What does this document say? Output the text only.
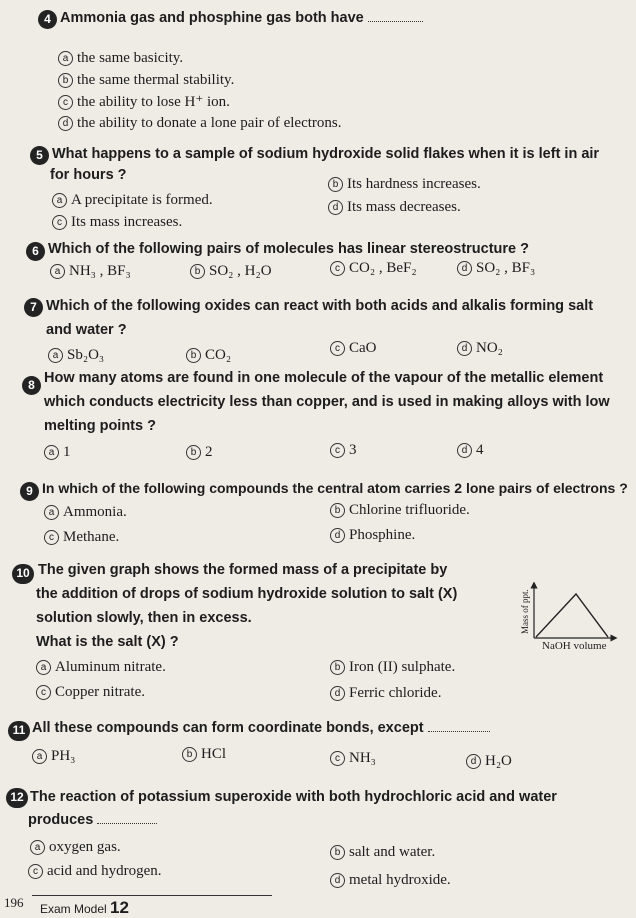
4 Ammonia gas and phosphine gas both have
a the same basicity.
b the same thermal stability.
c the ability to lose H⁺ ion.
d the ability to donate a lone pair of electrons.
5 What happens to a sample of sodium hydroxide solid flakes when it is left in air
for hours ?
a A precipitate is formed.
b Its hardness increases.
c Its mass increases.
d Its mass decreases.
6 Which of the following pairs of molecules has linear stereostructure ?
a NH₃ , BF₃	b SO₂ , H₂O	c CO₂ , BeF₂	d SO₂ , BF₃
7 Which of the following oxides can react with both acids and alkalis forming salt
and water ?
a Sb₂O₃	b CO₂	c CaO	d NO₂
8 How many atoms are found in one molecule of the vapour of the metallic element
which conducts electricity less than copper, and is used in making alloys with low
melting points ?
a 1	b 2	c 3	d 4
9 In which of the following compounds the central atom carries 2 lone pairs of electrons ?
a Ammonia.	b Chlorine trifluoride.
c Methane.	d Phosphine.
10 The given graph shows the formed mass of a precipitate by
the addition of drops of sodium hydroxide solution to salt (X)
solution slowly, then in excess.
What is the salt (X) ?
Mass of ppt.
NaOH volume
a Aluminum nitrate.	b Iron (II) sulphate.
c Copper nitrate.	d Ferric chloride.
11 All these compounds can form coordinate bonds, except
a PH₃	b HCl	c NH₃	d H₂O
12 The reaction of potassium superoxide with both hydrochloric acid and water
produces
a oxygen gas.	b salt and water.
c acid and hydrogen.
d metal hydroxide.
196 Exam Model 12
